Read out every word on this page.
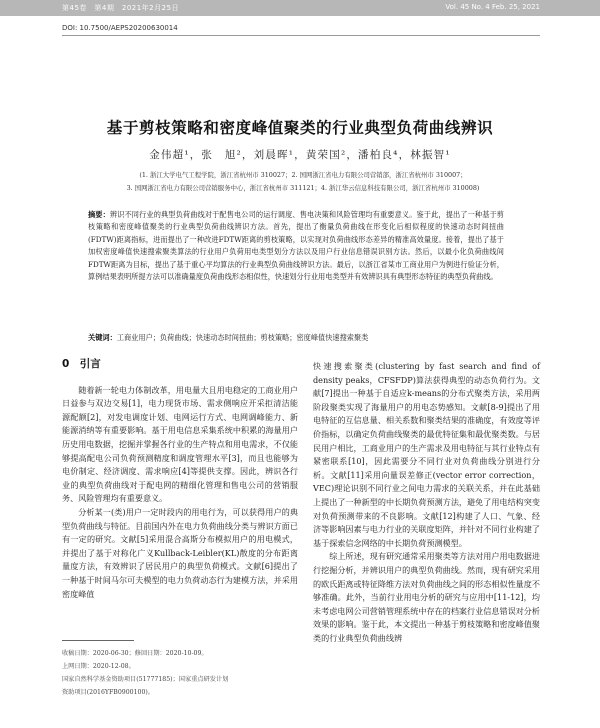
第45卷　第4期　2021年2月25日	Vol. 45 No. 4 Feb. 25, 2021
DOI: 10.7500/AEPS20200630014
基于剪枝策略和密度峰值聚类的行业典型负荷曲线辨识
金伟超¹，张　旭²，刘晨晖¹，黄荣国²，潘柏良⁴，林振智¹
(1. 浙江大学电气工程学院，浙江省杭州市 310027；2. 国网浙江省电力有限公司营销部，浙江省杭州市 310007；
3. 国网浙江省电力有限公司营销服务中心，浙江省杭州市 311121；4. 浙江华云信息科技有限公司，浙江省杭州市 310008)
摘要：辨识不同行业的典型负荷曲线对于配售电公司的运行调度、售电决策和风险管理均有重要意义。鉴于此，提出了一种基于剪枝策略和密度峰值聚类的行业典型负荷曲线辨识方法。首先，提出了衡量负荷曲线在形变化后相似程度的快速动态时间扭曲(FDTW)距离指标，进而提出了一种改进FDTW距离的剪枝策略，以实现对负荷曲线形态差异的精准高效量度。接着，提出了基于加权密度峰值快速搜索聚类算法的行业用户负荷用电类型划分方法以及用户行业信息错误识别方法。然后，以最小化负荷曲线间FDTW距离为目标，提出了基于重心平均算法的行业典型负荷曲线辨识方法。最后，以浙江省某市工商业用户为例进行验证分析，算例结果表明所提方法可以准确量度负荷曲线形态相似性，快速划分行业用电类型并有效辨识具有典型形态特征的典型负荷曲线。
关键词：工商业用户；负荷曲线；快速动态时间扭曲；剪枝策略；密度峰值快速搜索聚类
0　引言

随着新一轮电力体制改革，用电量大且用电稳定的工商业用户日益参与双边交易[1]，电力现货市场、需求侧响应开采拒清洁能源配额[2]，对发电调度计划、电网运行方式、电网调峰能力、新能源消纳等有重要影响。基于用电信息采集系统中积累的海量用户历史用电数据，挖掘并掌握各行业的生产特点和用电需求，不仅能够提高配电公司负荷预测精度和调度管理水平[3]，而且也能够为电价制定、经济调度、需求响应[4]等提供支撑。因此，辨识各行业的典型负荷曲线对于配电网的精细化管理和售电公司的营销服务、风险管理均有重要意义。

分析某一(类)用户一定时段内的用电行为，可以获得用户的典型负荷曲线与特征。目前国内外在电力负荷曲线分类与辨识方面已有一定的研究。文献[5]采用混合高斯分布模拟用户的用电模式，并提出了基于对称化广义Kullback-Leibler(KL)散度的分布距离量度方法，有效辨识了居民用户的典型负荷模式。文献[6]提出了一种基于时间马尔可夫模型的电力负荷动态行为建模方法，并采用密度峰值

快速搜索聚类(clustering by fast search and find of density peaks，CFSFDP)算法获得典型的动态负荷行为。文献[7]提出一种基于自适应k-means的分布式聚类方法，采用两阶段聚类实现了海量用户的用电态势感知。文献[8-9]提出了用电特征的互信息量、相关系数和聚类结果的准确度，有效度等评价指标，以确定负荷曲线聚类的最优特征集和最优聚类数。与居民用户相比，工商业用户的生产需求及用电特征与其行业特点有紧密联系[10]，因此需要分不同行业对负荷曲线分别进行分析。文献[11]采用向量误差修正(vector error correction，VEC)理论识别不同行业之间电力需求的关联关系，并在此基础上提出了一种新型的中长期负荷预测方法，避免了用电结构突变对负荷预测带来的不良影响。文献[12]构建了人口、气象、经济等影响因素与电力行业的关联度矩阵，并针对不同行业构建了基于探索信念网络的中长期负荷预测模型。

综上所述，现有研究通常采用聚类等方法对用户用电数据进行挖掘分析，并辨识用户的典型负荷曲线。然而，现有研究采用的欧氏距离或特征降维方法对负荷曲线之间的形态相似性量度不够准确。此外，当前行业用电分析的研究与应用中[11-12]，均未考虑电网公司营销管理系统中存在的档案行业信息错误对分析效果的影响。鉴于此，本文提出一种基于剪枝策略和密度峰值聚类的行业典型负荷曲线辨

收稿日期：2020-06-30；修回日期：2020-10-09。
上网日期：2020-12-08。
国家自然科学基金资助项目(51777185)；国家重点研发计划
资助项目(2016YFB0900100)。
